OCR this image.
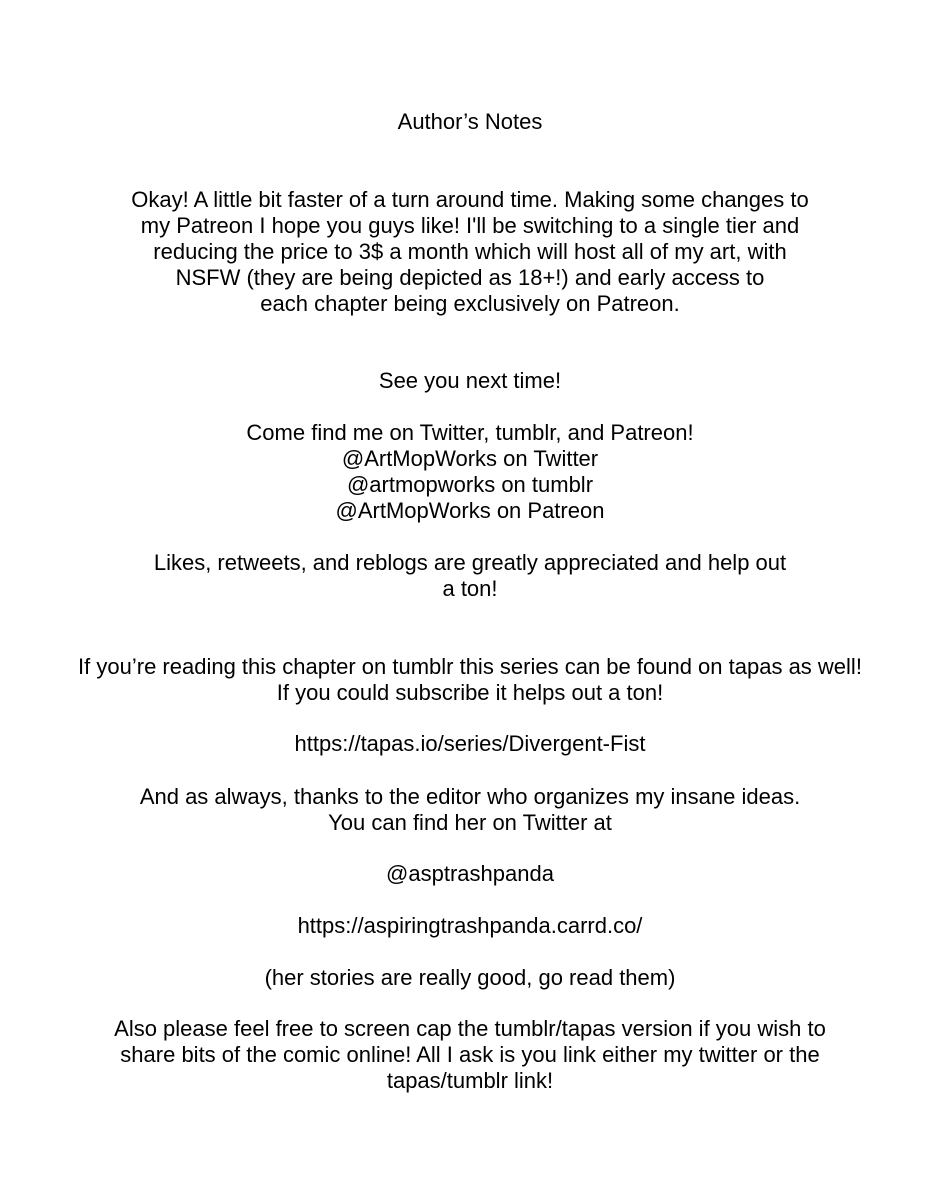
Author’s Notes
Okay! A little bit faster of a turn around time. Making some changes to
my Patreon I hope you guys like! I'll be switching to a single tier and
reducing the price to 3$ a month which will host all of my art, with
NSFW (they are being depicted as 18+!) and early access to
each chapter being exclusively on Patreon.
See you next time!
Come find me on Twitter, tumblr, and Patreon!
@ArtMopWorks on Twitter
@artmopworks on tumblr
@ArtMopWorks on Patreon
Likes, retweets, and reblogs are greatly appreciated and help out
a ton!
If you’re reading this chapter on tumblr this series can be found on tapas as well!
If you could subscribe it helps out a ton!
https://tapas.io/series/Divergent-Fist
And as always, thanks to the editor who organizes my insane ideas.
You can find her on Twitter at
@asptrashpanda
https://aspiringtrashpanda.carrd.co/
(her stories are really good, go read them)
Also please feel free to screen cap the tumblr/tapas version if you wish to
share bits of the comic online! All I ask is you link either my twitter or the
tapas/tumblr link!
